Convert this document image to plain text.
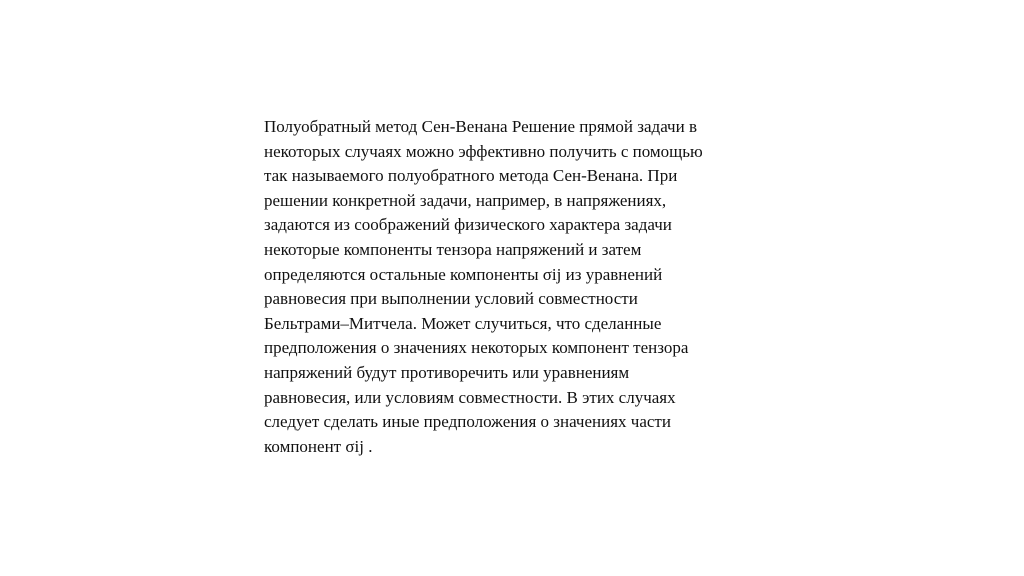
Полуобратный метод Сен-Венана Решение прямой задачи в
некоторых случаях можно эффективно получить с помощью
так называемого полуобратного метода Сен-Венана. При
решении конкретной задачи, например, в напряжениях,
задаются из соображений физического характера задачи
некоторые компоненты тензора напряжений и затем
определяются остальные компоненты σij из уравнений
равновесия при выполнении условий совместности
Бельтрами–Митчела. Может случиться, что сделанные
предположения о значениях некоторых компонент тензора
напряжений будут противоречить или уравнениям
равновесия, или условиям совместности. В этих случаях
следует сделать иные предположения о значениях части
компонент σij .
